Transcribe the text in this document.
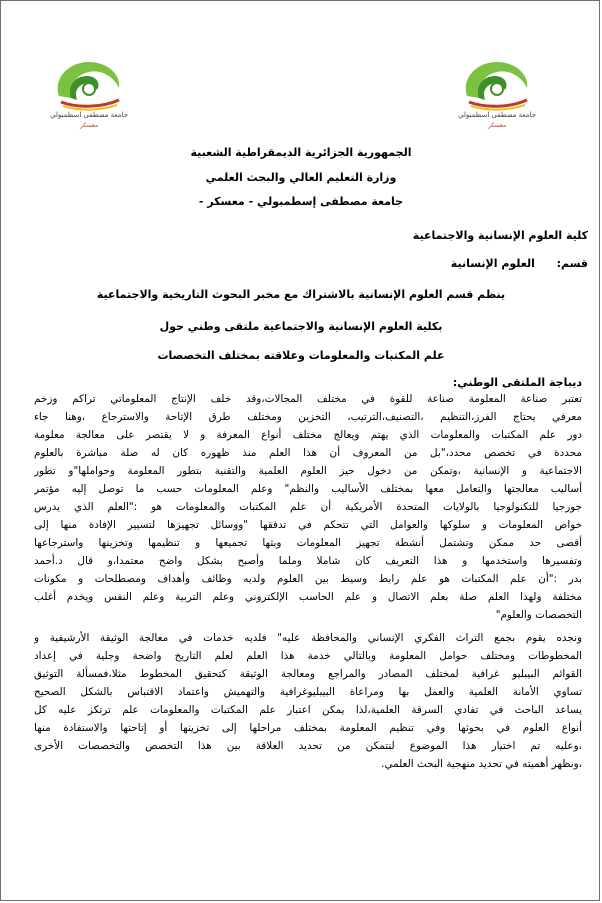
جامعة مصطفى اسطمبولي
معسكر
جامعة مصطفى اسطمبولي
معسكر
الجمهورية الجزائرية الديمقراطية الشعبية
وزارة التعليم العالي والبحث العلمي
جامعة مصطفى إسطمبولي - معسكر -
كلية العلوم الإنسانية والاجتماعية
قسم:  العلوم الإنسانية
ينظم قسم العلوم الإنسانية بالاشتراك مع مخبر البحوث التاريخية والاجتماعية
بكلية العلوم الإنسانية والاجتماعية ملتقى وطني حول
علم المكتبات والمعلومات وعلاقته بمختلف التخصصات
ديباجة الملتقى الوطني:
تعتبر صناعة المعلومة صناعة للقوة في مختلف المجالات،وقد خلف الإنتاج المعلوماتي تراكم وزخم
معرفي يحتاج الفرز،التنظيم ،التصنيف،الترتيب، التخزين ومختلف طرق الإتاحة والاسترجاع ،وهنا جاء
دور علم المكتبات والمعلومات الذي يهتم ويعالج مختلف أنواع المعرفة و لا يقتصر على معالجة معلومة
محددة في تخصص محدد،"بل من المعروف أن هذا العلم منذ ظهوره كان له صلة مباشرة بالعلوم
الاجتماعية و الإنسانية ،وتمكن من دخول حيز العلوم العلمية والتقنية بتطور المعلومة وحواملها"و تطور
أساليب معالجتها والتعامل معها بمختلف الأساليب والنظم" وعلم المعلومات حسب ما توصل إليه مؤتمر
جورجيا للتكنولوجيا بالولايات المتحدة الأمريكية أن علم المكتبات والمعلومات هو :"العلم الذي يدرس
خواص المعلومات و سلوكها والعوامل التي تتحكم في تدفقها "ووسائل تجهيزها لتسيير الإفادة منها إلى
أقصى حد ممكن وتشتمل أنشطة تجهيز المعلومات وبثها تجميعها و تنظيمها وتخزينها واسترجاعها
وتفسيرها واستخدمها و هذا التعريف كان شاملا وملما وأصبح بشكل واضح معتمدا،و قال د.أحمد
بدر :"أن علم المكتبات هو علم رابط وسيط بين العلوم ولديه وظائف وأهداف ومصطلحات و مكونات
مختلفة ولهذا العلم صلة بعلم الاتصال و علم الحاسب الإلكتروني وعلم التربية وعلم النفس ويخدم أغلب
التخصصات والعلوم"
ونجده يقوم بجمع التراث الفكري الإنساني والمحافظة عليه" فلديه خدمات في معالجة الوثيقة الأرشيفية و
المخطوطات ومختلف حوامل المعلومة وبالتالي خدمة هذا العلم لعلم التاريخ واضحة وجلية في إعداد
القوائم البيبليو غرافية لمختلف المصادر والمراجع ومعالجة الوثيقة كتحقيق المخطوط مثلا،فمسألة التوثيق
تساوي الأمانة العلمية والعمل بها ومراعاة البيبليوغرافية والتهميش واعتماد الاقتباس بالشكل الصحيح
يساعد الباحث في تفادي السرقة العلمية،لذا يمكن اعتبار علم المكتبات والمعلومات علم ترتكز عليه كل
أنواع العلوم في بحوثها وفي تنظيم المعلومة بمختلف مراحلها إلى تخزينها أو إتاحتها والاستفادة منها
،وعليه تم اختيار هذا الموضوع لنتمكن من تحديد العلاقة بين هذا التخصص والتخصصات الأخرى
،ونظهر أهميته في تحديد منهجية البحث العلمي.
